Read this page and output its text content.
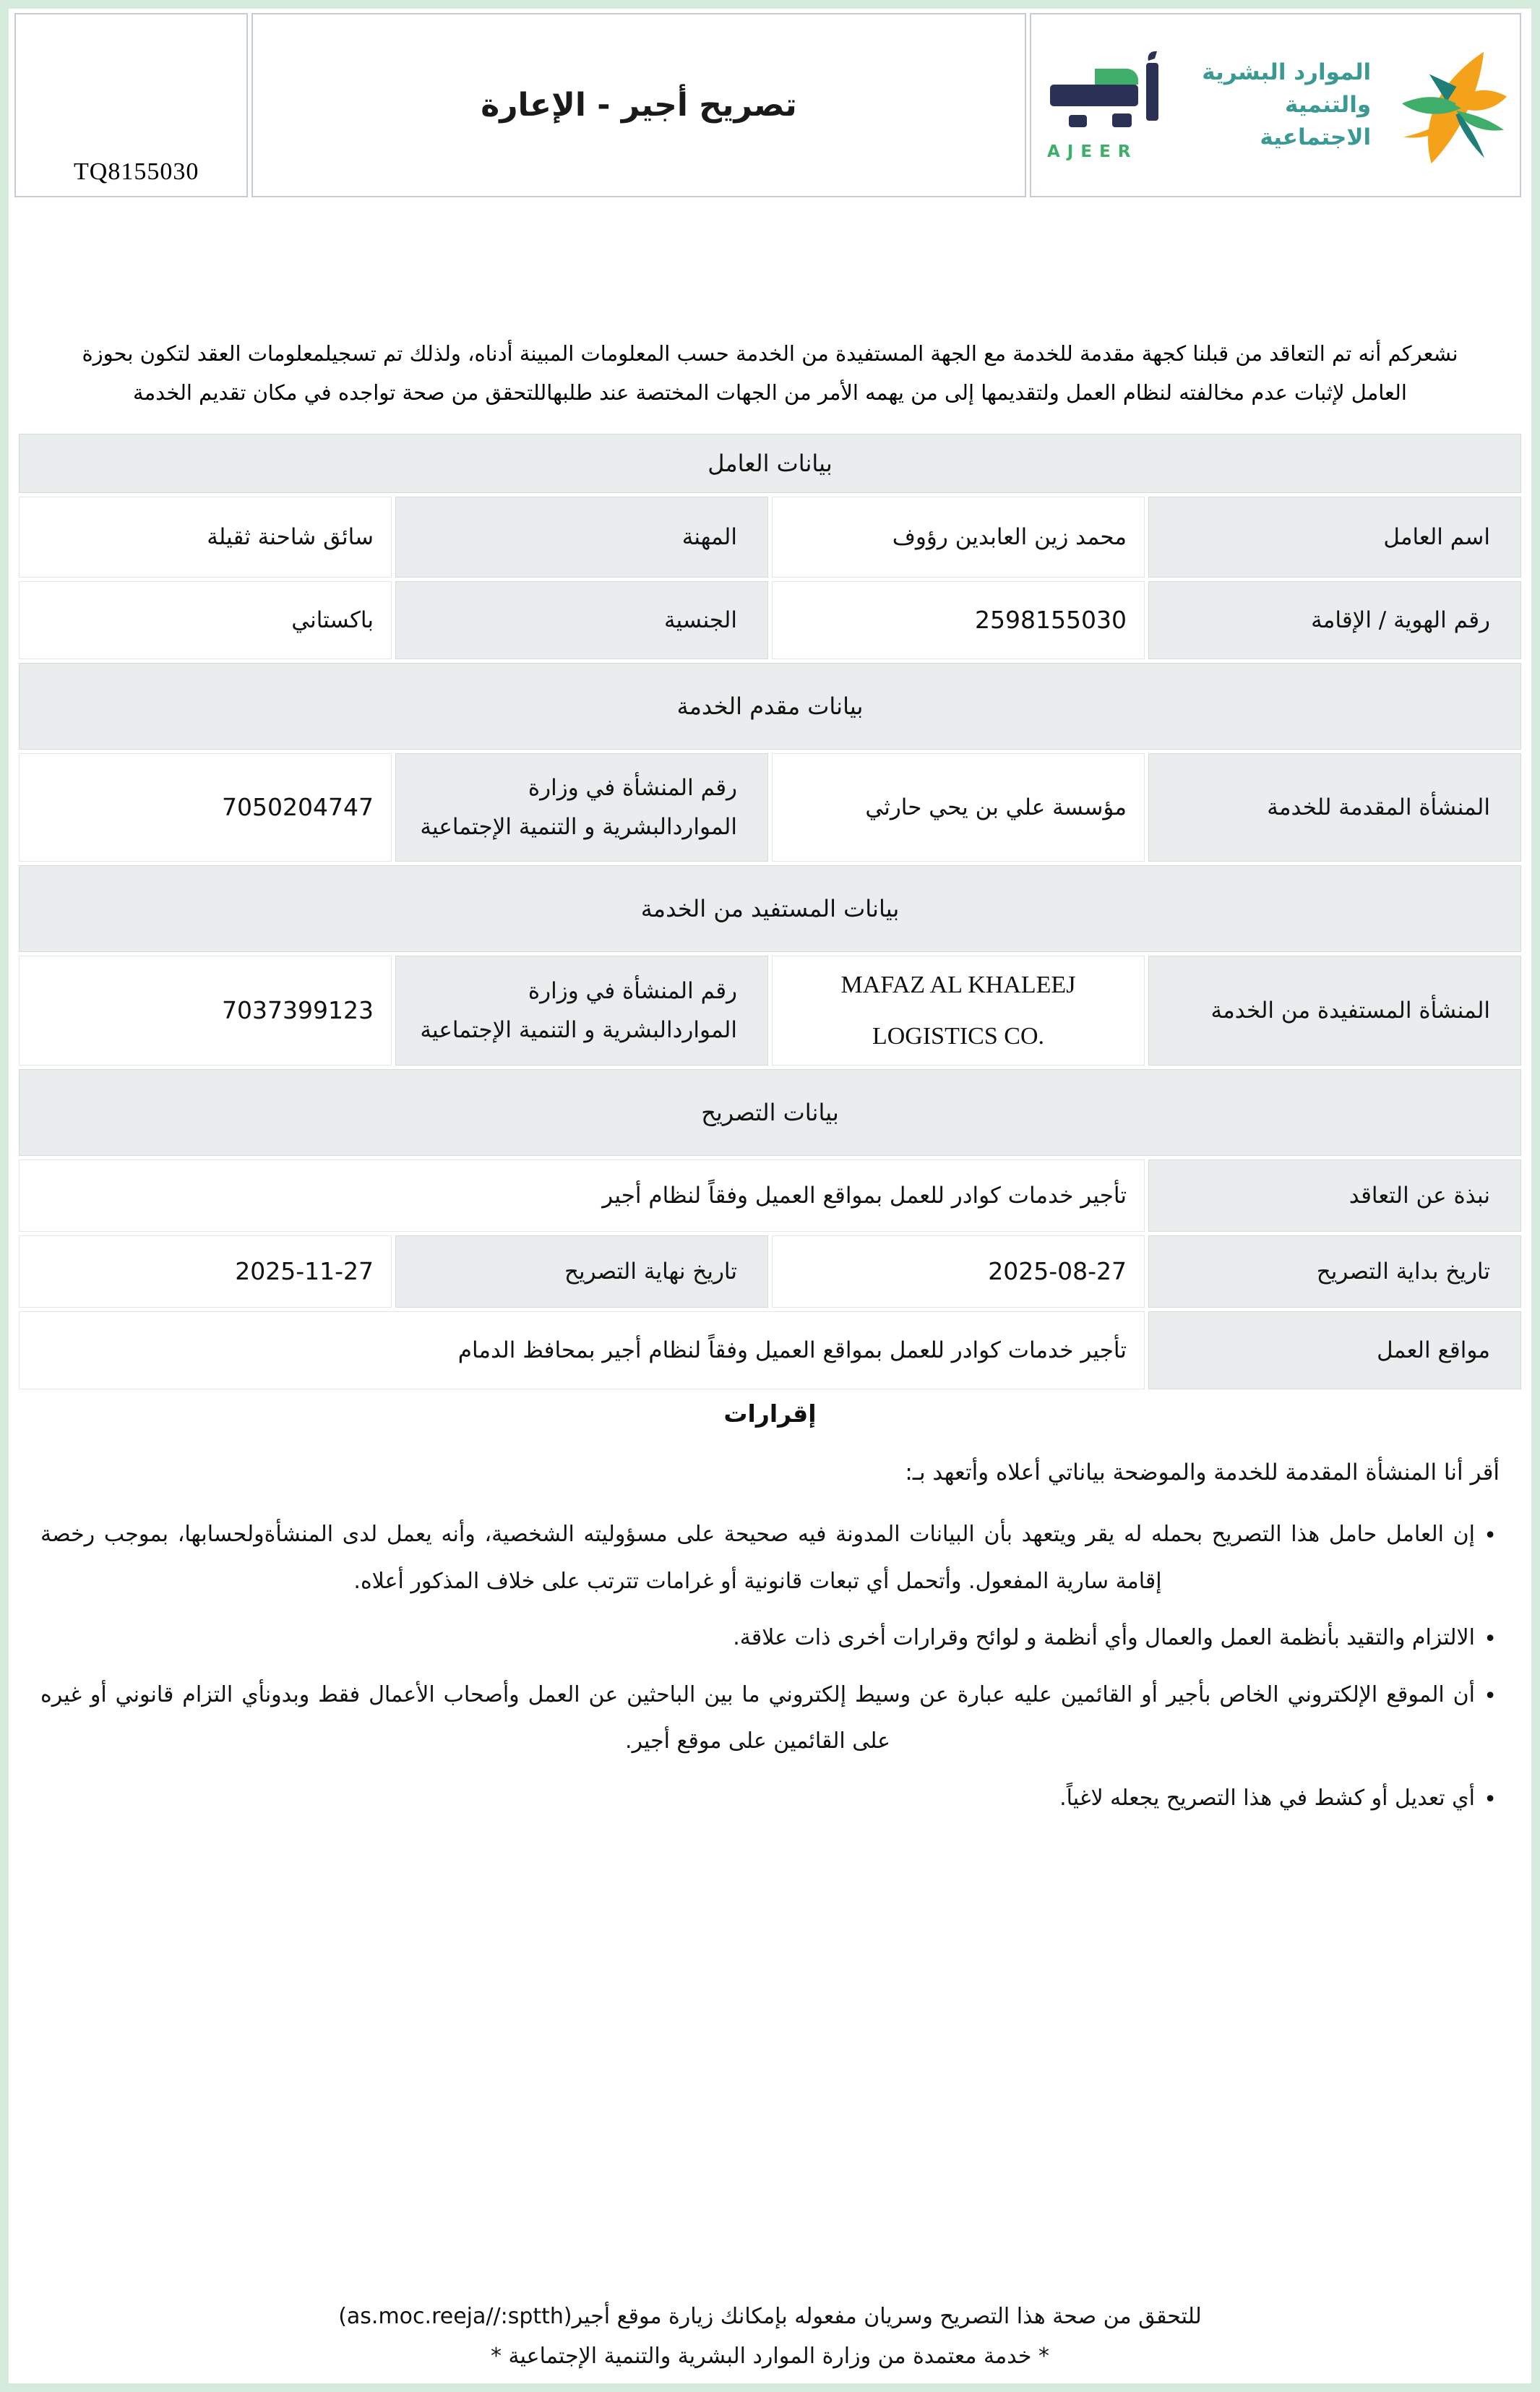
TQ8155030
تصريح أجير - الإعارة
AJEER
الموارد البشرية
والتنمية الاجتماعية

نشعركم أنه تم التعاقد من قبلنا كجهة مقدمة للخدمة مع الجهة المستفيدة من الخدمة حسب المعلومات المبينة أدناه، ولذلك تم تسجيلمعلومات العقد لتكون بحوزة
العامل لإثبات عدم مخالفته لنظام العمل ولتقديمها إلى من يهمه الأمر من الجهات المختصة عند طلبهاللتحقق من صحة تواجده في مكان تقديم الخدمة

بيانات العامل
اسم العامل
محمد زين العابدين رؤوف
المهنة
سائق شاحنة ثقيلة
رقم الهوية / الإقامة
2598155030
الجنسية
باكستاني
بيانات مقدم الخدمة
المنشأة المقدمة للخدمة
مؤسسة علي بن يحي حارثي
رقم المنشأة في وزارة المواردالبشرية و التنمية الإجتماعية
7050204747
بيانات المستفيد من الخدمة
المنشأة المستفيدة من الخدمة
MAFAZ AL KHALEEJ LOGISTICS CO.
رقم المنشأة في وزارة المواردالبشرية و التنمية الإجتماعية
7037399123
بيانات التصريح
نبذة عن التعاقد
تأجير خدمات كوادر للعمل بمواقع العميل وفقاً لنظام أجير
تاريخ بداية التصريح
2025-08-27
تاريخ نهاية التصريح
2025-11-27
مواقع العمل
تأجير خدمات كوادر للعمل بمواقع العميل وفقاً لنظام أجير بمحافظ الدمام
إقرارات

أقر أنا المنشأة المقدمة للخدمة والموضحة بياناتي أعلاه وأتعهد بـ:

•
إن العامل حامل هذا التصريح بحمله له يقر ويتعهد بأن البيانات المدونة فيه صحيحة على مسؤوليته الشخصية، وأنه يعمل لدى المنشأةولحسابها، بموجب رخصة إقامة سارية المفعول. وأتحمل أي تبعات قانونية أو غرامات تترتب على خلاف المذكور أعلاه.
•
الالتزام والتقيد بأنظمة العمل والعمال وأي أنظمة و لوائح وقرارات أخرى ذات علاقة.
•
أن الموقع الإلكتروني الخاص بأجير أو القائمين عليه عبارة عن وسيط إلكتروني ما بين الباحثين عن العمل وأصحاب الأعمال فقط وبدونأي التزام قانوني أو غيره على القائمين على موقع أجير.
•
أي تعديل أو كشط في هذا التصريح يجعله لاغياً.

للتحقق من صحة هذا التصريح وسريان مفعوله بإمكانك زيارة موقع أجير(as.moc.reeja//:sptth)

* خدمة معتمدة من وزارة الموارد البشرية والتنمية الإجتماعية *
